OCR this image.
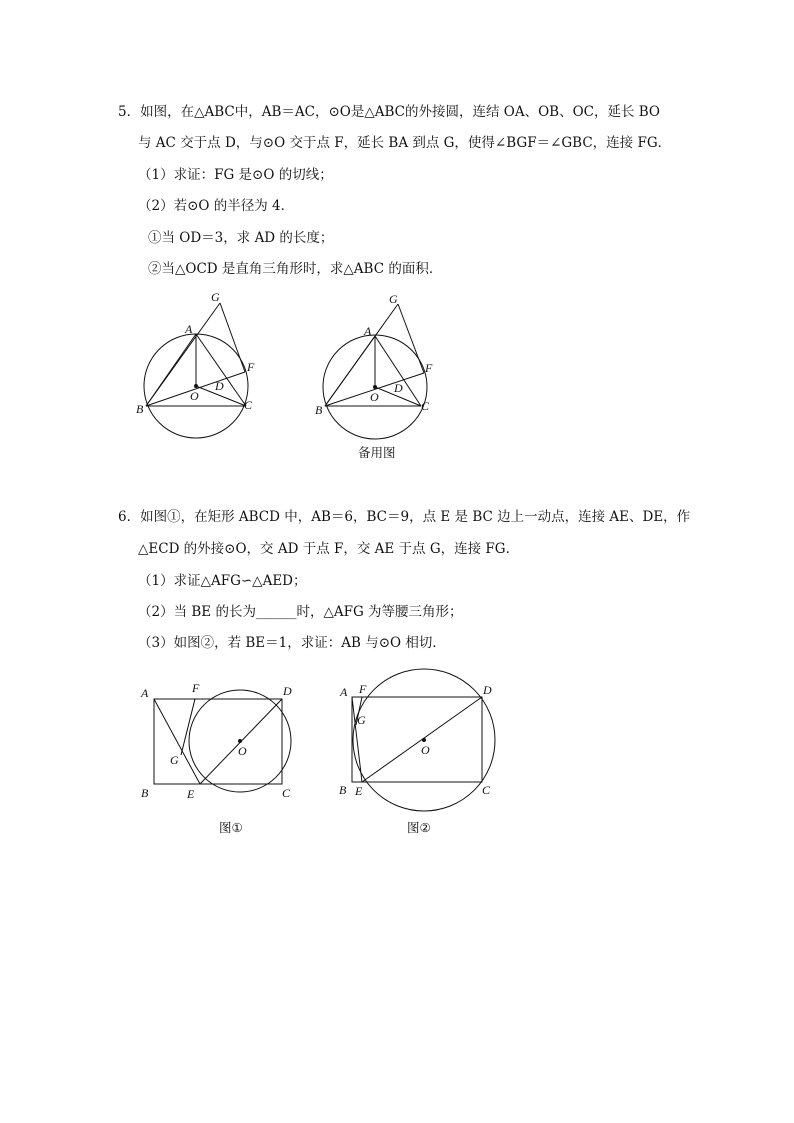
5．如图，在△ABC中，AB＝AC，⊙O是△ABC的外接圆，连结 OA、OB、OC，延长 BO
与 AC 交于点 D，与⊙O 交于点 F，延长 BA 到点 G，使得∠BGF＝∠GBC，连接 FG．
（1）求证：FG 是⊙O 的切线；
（2）若⊙O 的半径为 4．
①当 OD＝3，求 AD 的长度；
②当△OCD 是直角三角形时，求△ABC 的面积．
G
A
F
D
O
B	C
G
A
F
D
O
B	C
备用图
6．如图①，在矩形 ABCD 中，AB＝6，BC＝9，点 E 是 BC 边上一动点，连接 AE、DE，作
△ECD 的外接⊙O，交 AD 于点 F，交 AE 于点 G，连接 FG．
（1）求证△AFG∽△AED；
（2）当 BE 的长为______时，△AFG 为等腰三角形；
（3）如图②，若 BE＝1，求证：AB 与⊙O 相切．
A	F	D
G
O
B	E	C
图①
A F	D
G
O
B E	C
图②
